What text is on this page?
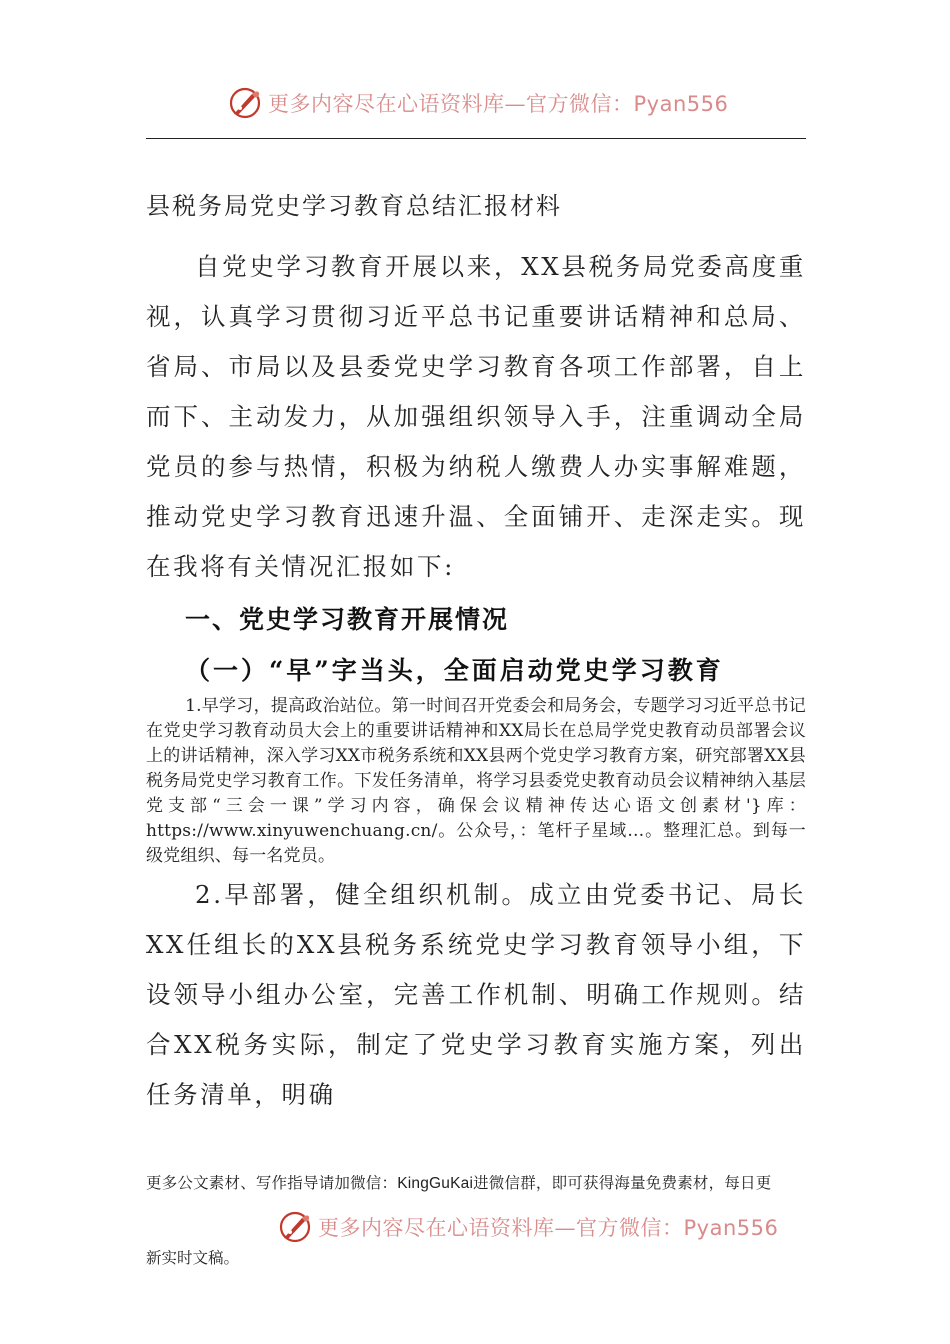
更多内容尽在心语资料库—官方微信：Pyan556
县税务局党史学习教育总结汇报材料

自党史学习教育开展以来，XX县税务局党委高度重视，认真学习贯彻习近平总书记重要讲话精神和总局、省局、市局以及县委党史学习教育各项工作部署，自上而下、主动发力，从加强组织领导入手，注重调动全局党员的参与热情，积极为纳税人缴费人办实事解难题，推动党史学习教育迅速升温、全面铺开、走深走实。现在我将有关情况汇报如下:

一、党史学习教育开展情况
（一）“早”字当头，全面启动党史学习教育

1.早学习，提高政治站位。第一时间召开党委会和局务会，专题学习习近平总书记在党史学习教育动员大会上的重要讲话精神和XX局长在总局学党史教育动员部署会议上的讲话精神，深入学习XX市税务系统和XX县两个党史学习教育方案，研究部署XX县税务局党史学习教育工作。下发任务清单，将学习县委党史教育动员会议精神纳入基层党支部“三会一课”学习内容，确保会议精神传达心语文创素材'}库：https://www.xinyuwenchuang.cn/。公众号，：笔杆子星域…。整理汇总。到每一级党组织、每一名党员。

2.早部署，健全组织机制。成立由党委书记、局长XX任组长的XX县税务系统党史学习教育领导小组，下设领导小组办公室，完善工作机制、明确工作规则。结合XX税务实际，制定了党史学习教育实施方案，列出任务清单，明确

更多公文素材、写作指导请加微信：KingGuKai进微信群，即可获得海量免费素材，每日更
更多内容尽在心语资料库—官方微信：Pyan556
新实时文稿。
